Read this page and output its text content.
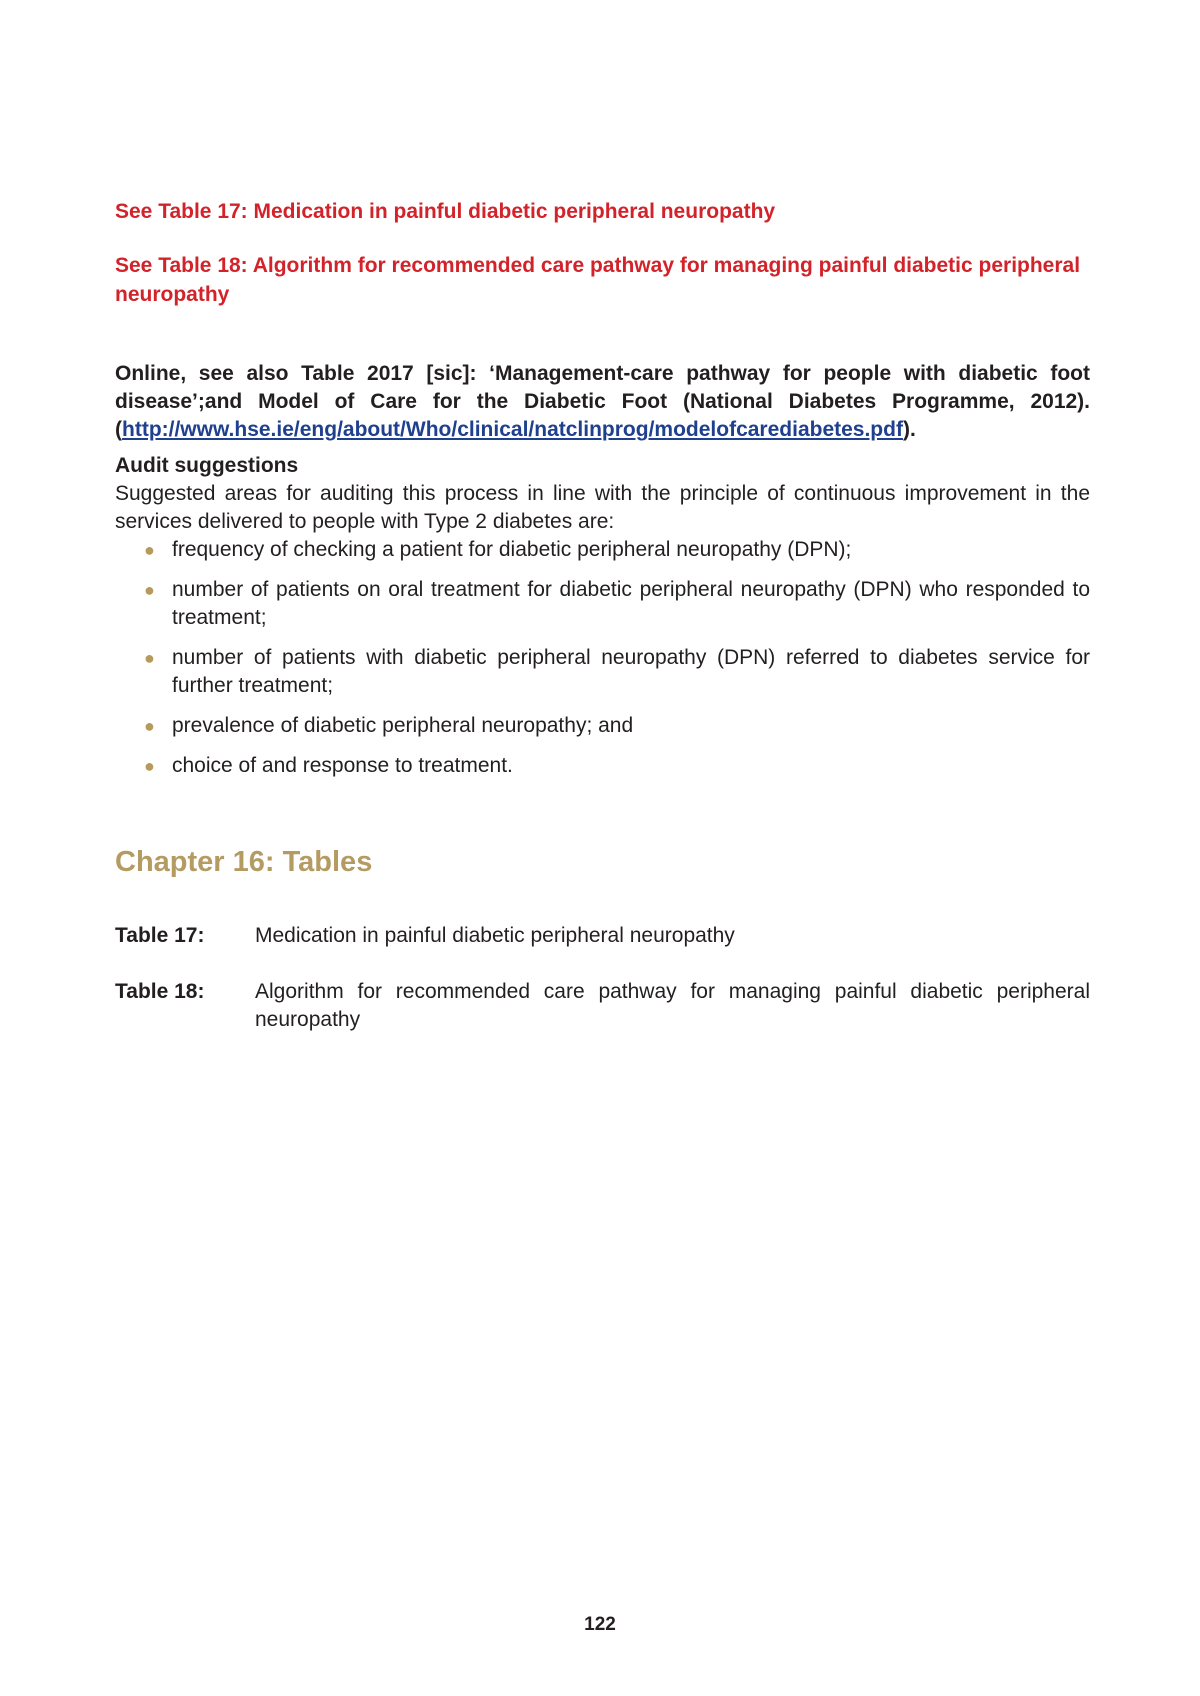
See Table 17: Medication in painful diabetic peripheral neuropathy

See Table 18: Algorithm for recommended care pathway for managing painful diabetic peripheral neuropathy

Online, see also Table 2017 [sic]: ‘Management-care pathway for people with diabetic foot disease’;and Model of Care for the Diabetic Foot (National Diabetes Programme, 2012). (http://www.hse.ie/eng/about/Who/clinical/natclinprog/modelofcarediabetes.pdf).

Audit suggestions

Suggested areas for auditing this process in line with the principle of continuous improvement in the services delivered to people with Type 2 diabetes are:

● frequency of checking a patient for diabetic peripheral neuropathy (DPN);
● number of patients on oral treatment for diabetic peripheral neuropathy (DPN) who responded to treatment;
● number of patients with diabetic peripheral neuropathy (DPN) referred to diabetes service for further treatment;
● prevalence of diabetic peripheral neuropathy; and
● choice of and response to treatment.
Chapter 16: Tables
Table 17:	Medication in painful diabetic peripheral neuropathy
Table 18:	Algorithm for recommended care pathway for managing painful diabetic peripheral neuropathy
122
